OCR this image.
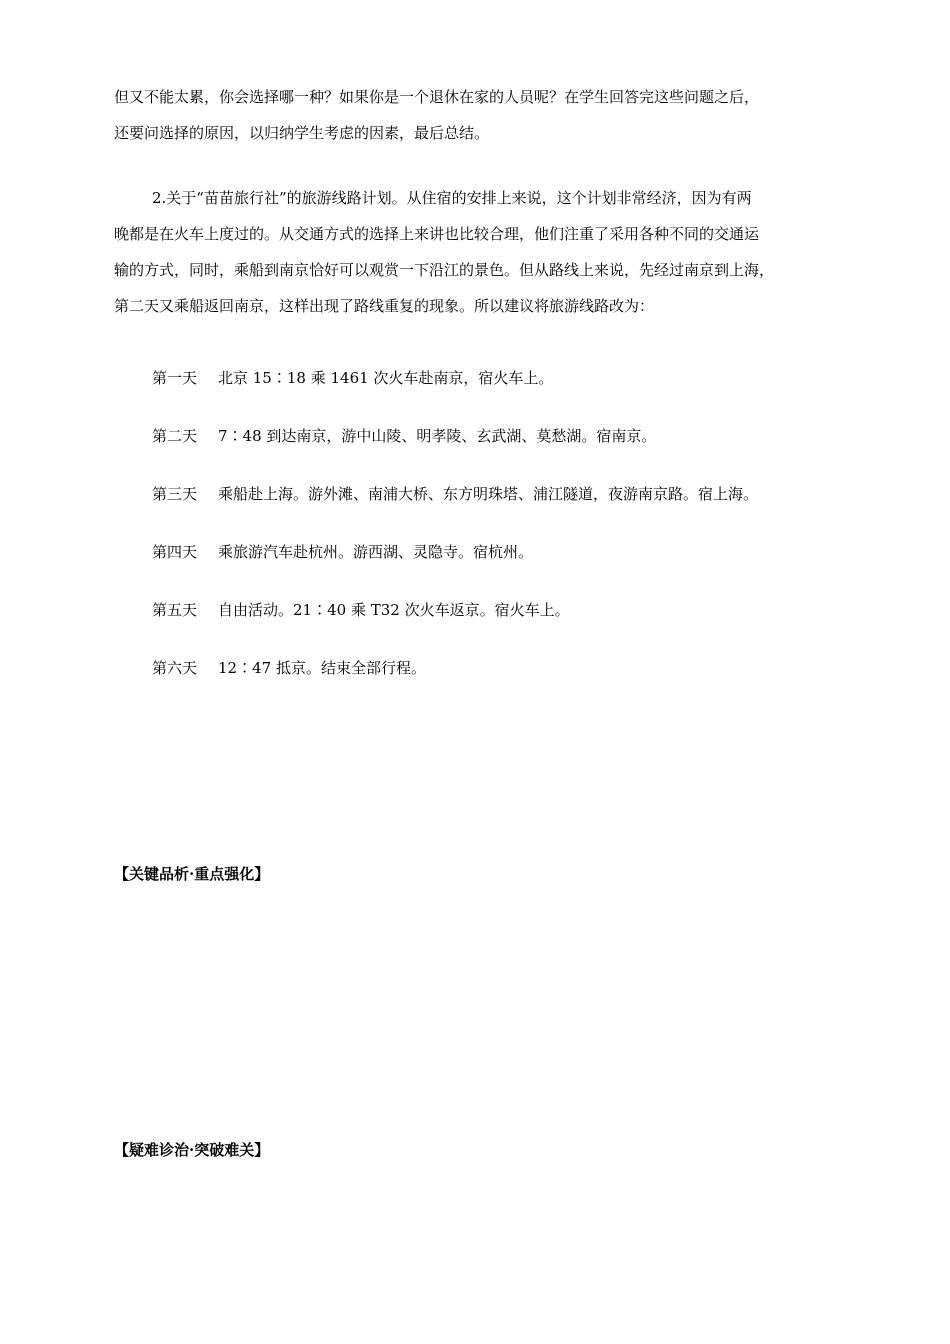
但又不能太累，你会选择哪一种？如果你是一个退休在家的人员呢？在学生回答完这些问题之后，
还要问选择的原因，以归纳学生考虑的因素，最后总结。

2.关于“苗苗旅行社”的旅游线路计划。从住宿的安排上来说，这个计划非常经济，因为有两
晚都是在火车上度过的。从交通方式的选择上来讲也比较合理，他们注重了采用各种不同的交通运
输的方式，同时，乘船到南京恰好可以观赏一下沿江的景色。但从路线上来说，先经过南京到上海，
第二天又乘船返回南京，这样出现了路线重复的现象。所以建议将旅游线路改为：

第一天 北京 15∶18 乘 1461 次火车赴南京，宿火车上。
第二天 7∶48 到达南京，游中山陵、明孝陵、玄武湖、莫愁湖。宿南京。
第三天 乘船赴上海。游外滩、南浦大桥、东方明珠塔、浦江隧道，夜游南京路。宿上海。
第四天 乘旅游汽车赴杭州。游西湖、灵隐寺。宿杭州。
第五天 自由活动。21∶40 乘 T32 次火车返京。宿火车上。
第六天 12∶47 抵京。结束全部行程。
【关键品析·重点强化】
【疑难诊治·突破难关】
